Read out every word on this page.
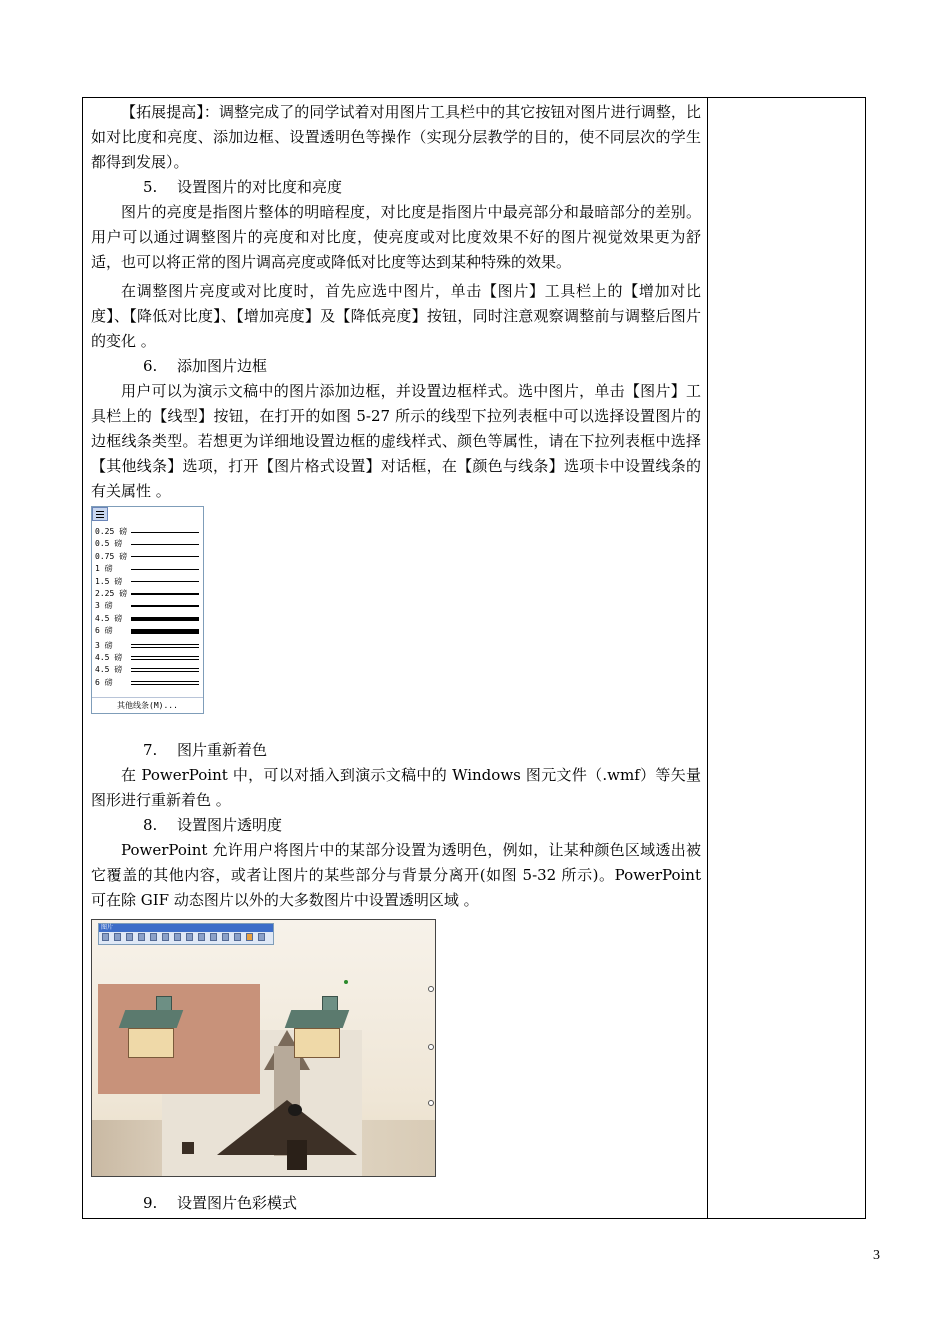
【拓展提高】：调整完成了的同学试着对用图片工具栏中的其它按钮对图片进行调整，比如对比度和亮度、添加边框、设置透明色等操作（实现分层教学的目的，使不同层次的学生都得到发展）。

5. 设置图片的对比度和亮度

图片的亮度是指图片整体的明暗程度，对比度是指图片中最亮部分和最暗部分的差别。用户可以通过调整图片的亮度和对比度，使亮度或对比度效果不好的图片视觉效果更为舒适，也可以将正常的图片调高亮度或降低对比度等达到某种特殊的效果。

在调整图片亮度或对比度时，首先应选中图片，单击【图片】工具栏上的【增加对比度】、【降低对比度】、【增加亮度】及【降低亮度】按钮，同时注意观察调整前与调整后图片的变化 。

6. 添加图片边框

用户可以为演示文稿中的图片添加边框，并设置边框样式。选中图片，单击【图片】工具栏上的【线型】按钮，在打开的如图 5-27 所示的线型下拉列表框中可以选择设置图片的边框线条类型。若想更为详细地设置边框的虚线样式、颜色等属性，请在下拉列表框中选择【其他线条】选项，打开【图片格式设置】对话框，在【颜色与线条】选项卡中设置线条的有关属性 。

其他线条(M)...
0.25 磅
0.5 磅
0.75 磅
1 磅
1.5 磅
2.25 磅
3 磅
4.5 磅
6 磅
3 磅
4.5 磅
4.5 磅
6 磅

7. 图片重新着色

在 PowerPoint 中，可以对插入到演示文稿中的 Windows 图元文件（.wmf）等矢量图形进行重新着色 。

8. 设置图片透明度

PowerPoint 允许用户将图片中的某部分设置为透明色，例如，让某种颜色区域透出被它覆盖的其他内容，或者让图片的某些部分与背景分离开(如图 5-32 所示)。PowerPoint 可在除 GIF 动态图片以外的大多数图片中设置透明区域 。

图片

9. 设置图片色彩模式

3
